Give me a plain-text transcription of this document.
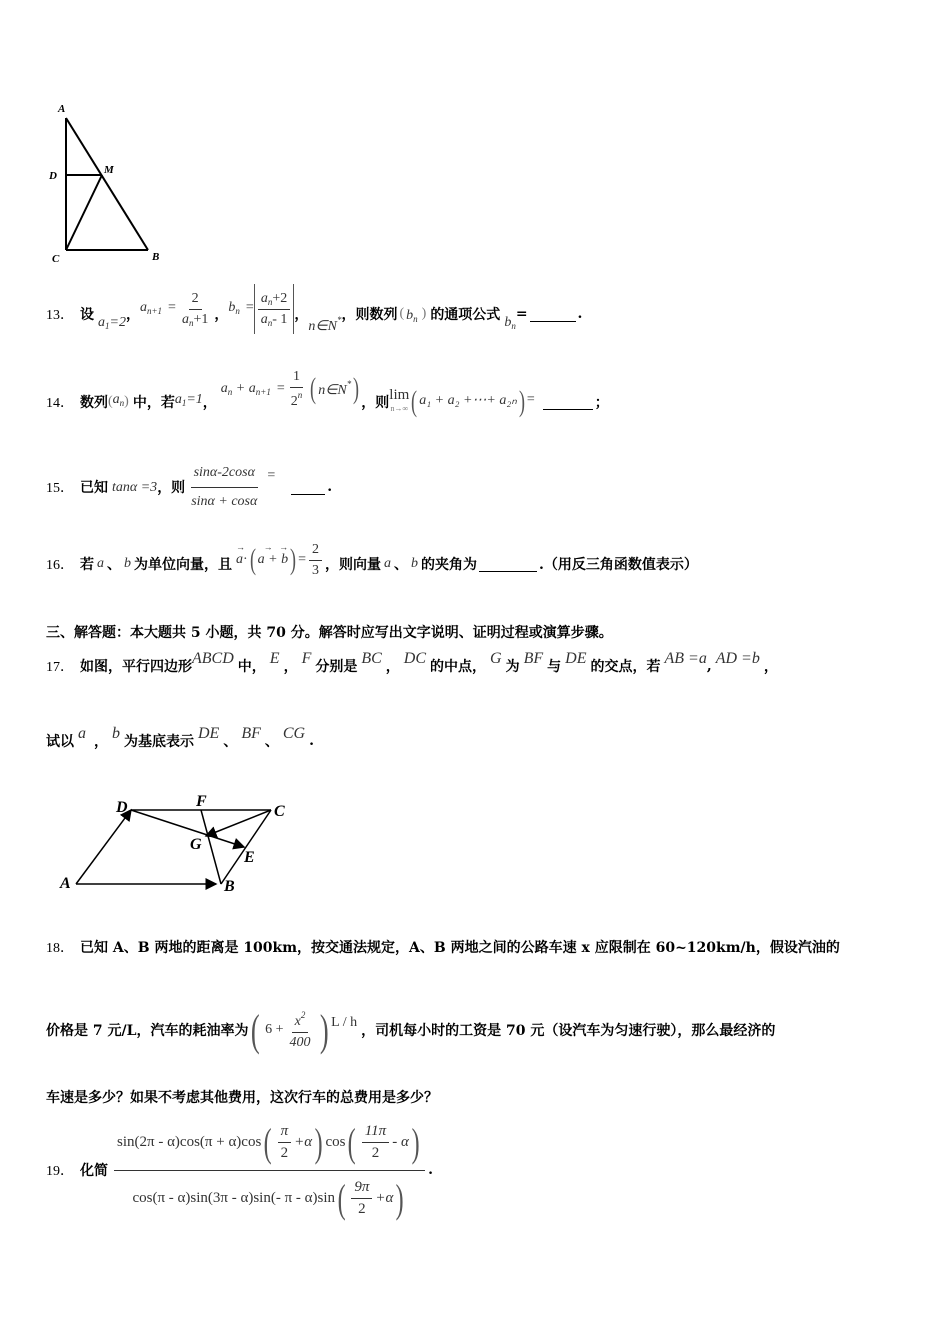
A
D	M
C	B
13． 设 $a_1=2$ ， $a_{n+1} = \frac{2}{a_n+1}$ ， $b_n = \frac{a_n+2}{a_n- 1}$ ，
n∈N* ，则数列 ( $b_n$ ) 的通项公式 $b_n$
=	.
14． 数列 ( $a_n$ ) 中，若 $a_1=1$ ，
$a_n + a_{n+1} = \frac{1}{2^n}$ ( n∈N* ) ，则 lim
n→∞ ( a₁ + a₂ +⋯+ a₂ₙ ) =	；
15． 已知 tanα =3 ，则 $\frac{\sin\alpha-2\cos\alpha}{\sin\alpha + \cos\alpha}$ =
.
16． 若 a 、 b 为单位向量，且
→
a · ( → →
a + b ) = $\frac{2}{3}$ ，则向量 a 、 b 的夹角为	.（用反三角函数值表示）
三、解答题：本大题共 5 小题，共 70 分。解答时应写出文字说明、证明过程或演算步骤。
17． 如图，平行四边形 ABCD 中， E ， F 分别是 BC ， DC 的中点， G 为 BF 与 DE 的交点，若 AB =a , AD =b ，
试以 a ， b 为基底表示 DE 、 BF 、 CG .
A	B
C
D
E
F
G
18． 已知 A、B 两地的距离是 100km，按交通法规定，A、B 两地之间的公路车速 x 应限制在 60~120km/h，假设汽油的
价格是 7 元/L，汽车的耗油率为 ( $6 + \frac{x^2}{400}$ ) L / h
，司机每小时的工资是 70 元（设汽车为匀速行驶），那么最经济的
车速是多少？如果不考虑其他费用，这次行车的总费用是多少？
19． 化简
sin(2π - α)cos(π + α)cos ( $\frac{\pi}{2} +\alpha$ ) cos ( $\frac{11\pi}{2}$ - α )
cos(π - α)sin(3π - α)sin(- π - α)sin ( $\frac{9\pi}{2} +\alpha$ )
.
